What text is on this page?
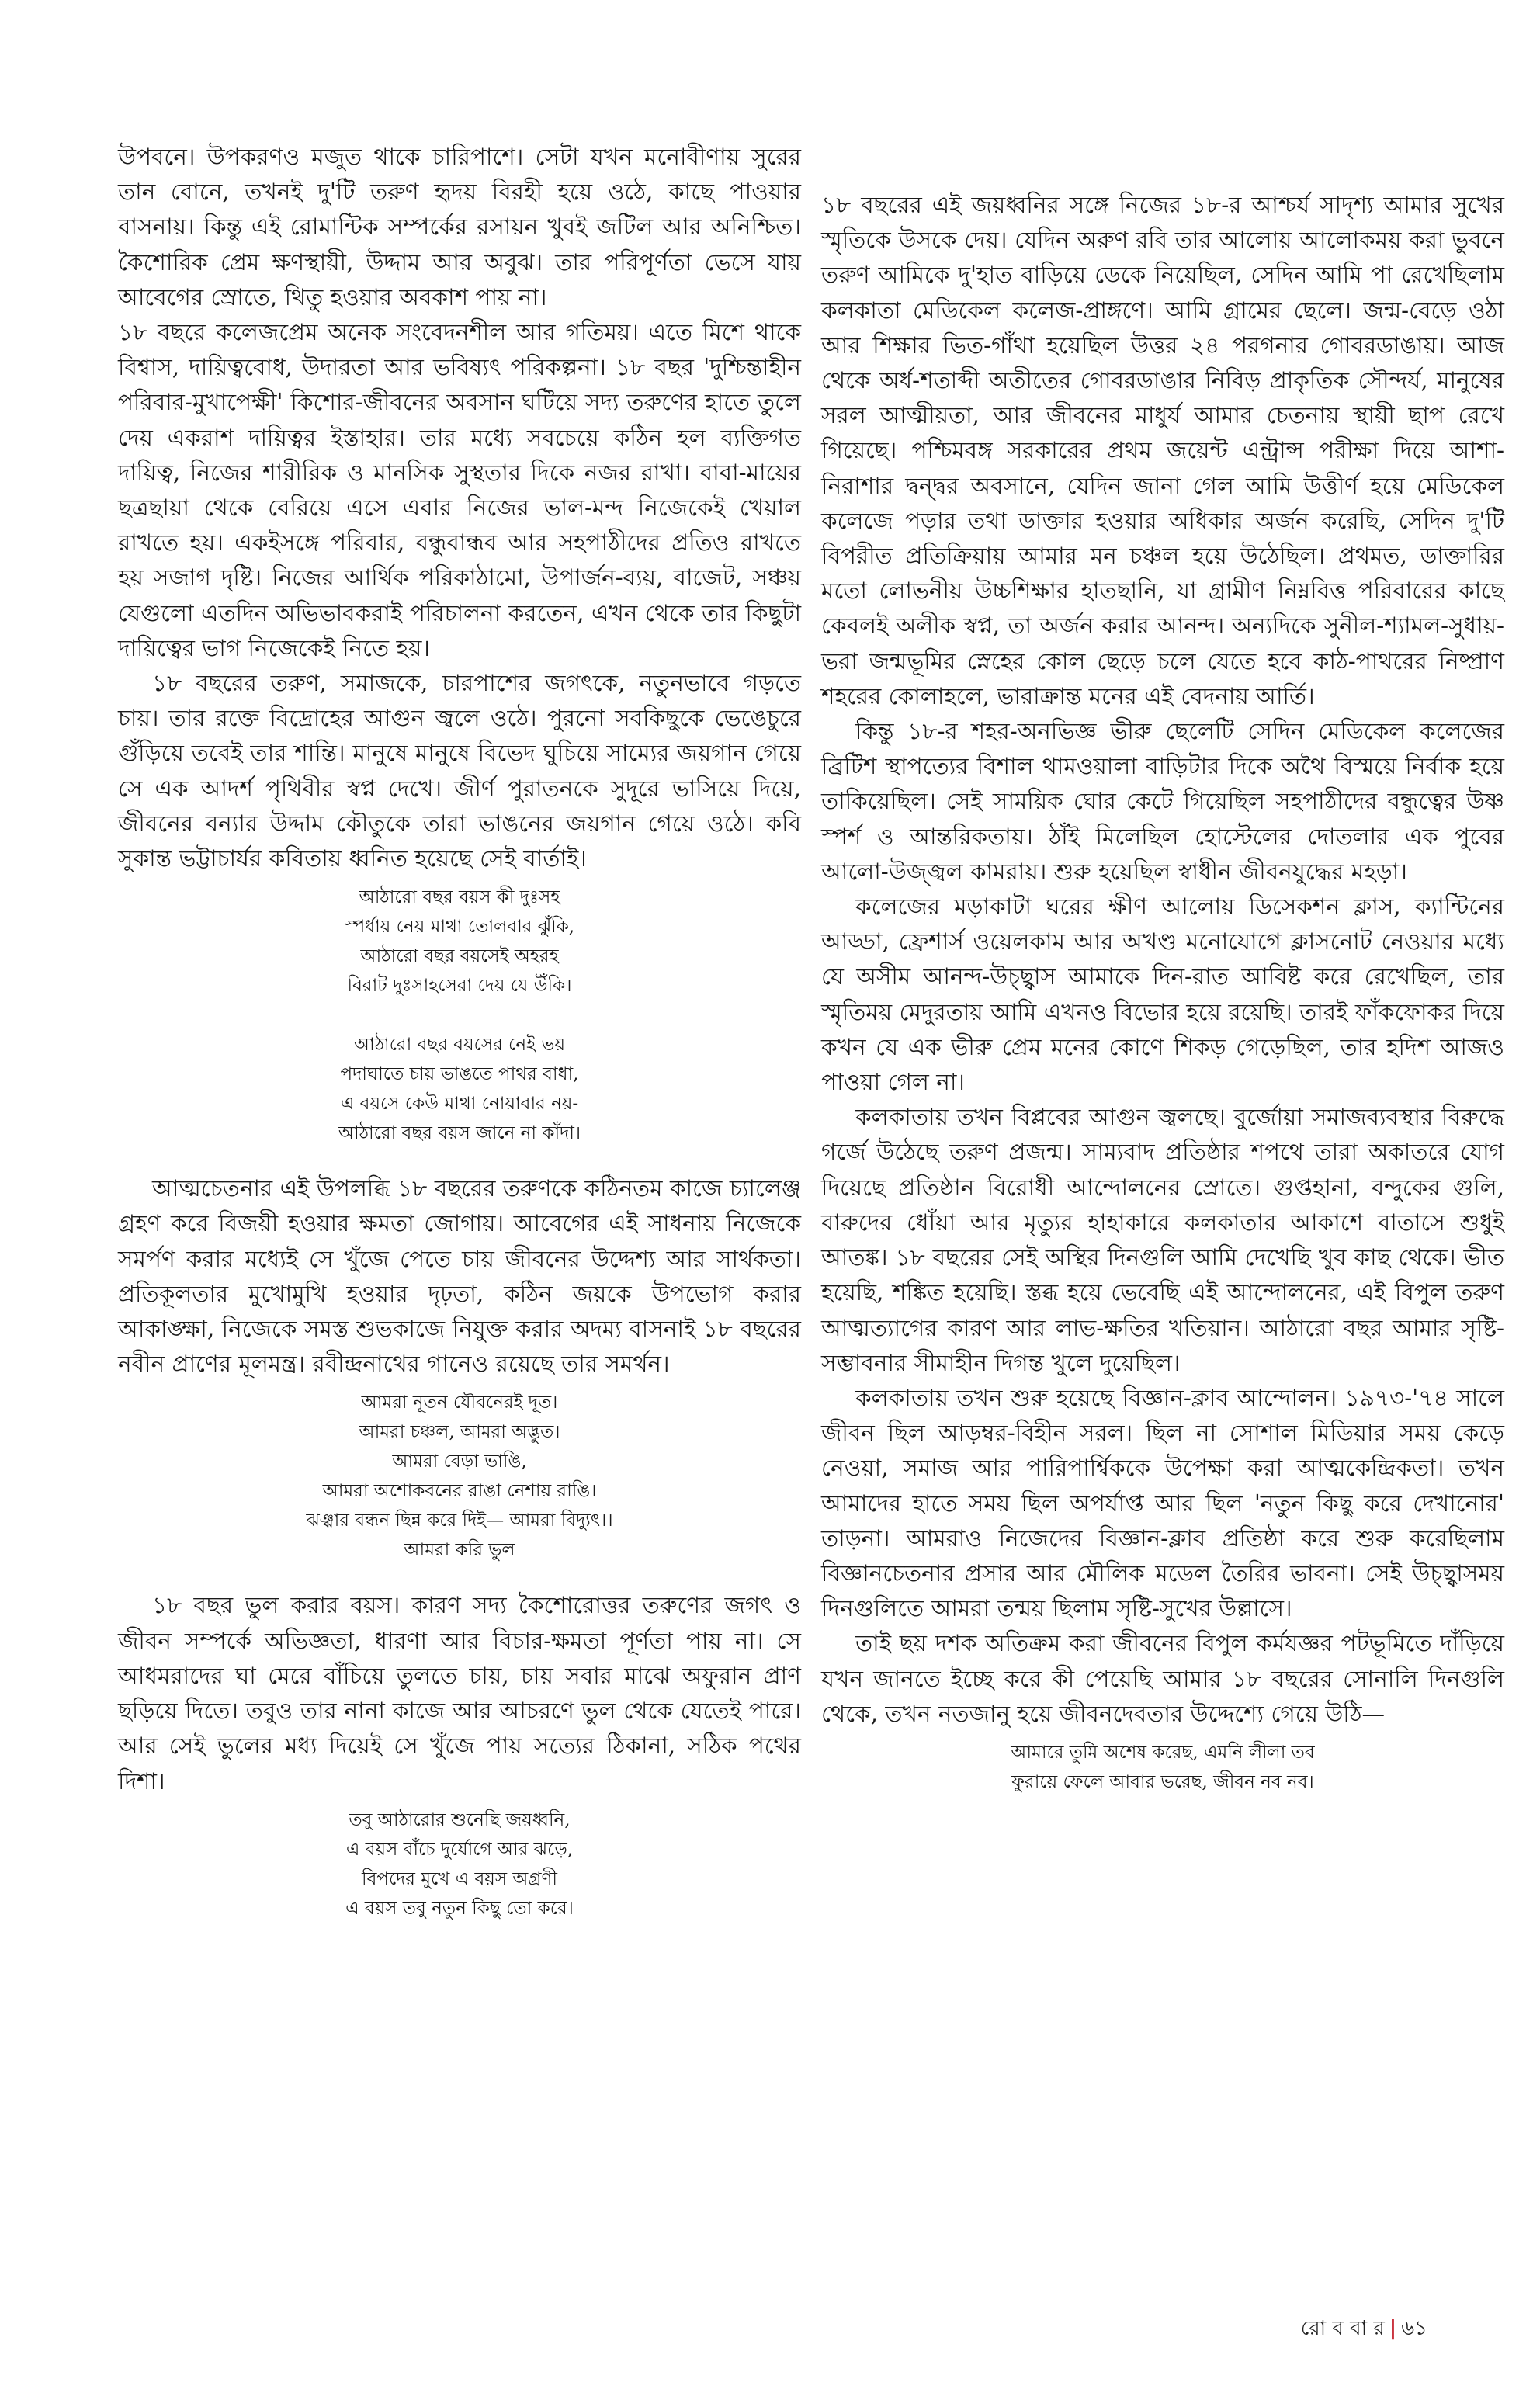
উপবনে। উপকরণও মজুত থাকে চারিপাশে। সেটা যখন মনোবীণায় সুরের তান বোনে, তখনই দু'টি তরুণ হৃদয় বিরহী হয়ে ওঠে, কাছে পাওয়ার বাসনায়। কিন্তু এই রোমান্টিক সম্পর্কের রসায়ন খুবই জটিল আর অনিশ্চিত। কৈশোরিক প্রেম ক্ষণস্থায়ী, উদ্দাম আর অবুঝ। তার পরিপূর্ণতা ভেসে যায় আবেগের স্রোতে, থিতু হওয়ার অবকাশ পায় না।

১৮ বছরে কলেজপ্রেম অনেক সংবেদনশীল আর গতিময়। এতে মিশে থাকে বিশ্বাস, দায়িত্ববোধ, উদারতা আর ভবিষ্যৎ পরিকল্পনা। ১৮ বছর 'দুশ্চিন্তাহীন পরিবার-মুখাপেক্ষী' কিশোর-জীবনের অবসান ঘটিয়ে সদ্য তরুণের হাতে তুলে দেয় একরাশ দায়িত্বর ইস্তাহার। তার মধ্যে সবচেয়ে কঠিন হল ব্যক্তিগত দায়িত্ব, নিজের শারীরিক ও মানসিক সুস্থতার দিকে নজর রাখা। বাবা-মায়ের ছত্রছায়া থেকে বেরিয়ে এসে এবার নিজের ভাল-মন্দ নিজেকেই খেয়াল রাখতে হয়। একইসঙ্গে পরিবার, বন্ধুবান্ধব আর সহপাঠীদের প্রতিও রাখতে হয় সজাগ দৃষ্টি। নিজের আর্থিক পরিকাঠামো, উপার্জন-ব্যয়, বাজেট, সঞ্চয় যেগুলো এতদিন অভিভাবকরাই পরিচালনা করতেন, এখন থেকে তার কিছুটা দায়িত্বের ভাগ নিজেকেই নিতে হয়।

১৮ বছরের তরুণ, সমাজকে, চারপাশের জগৎকে, নতুনভাবে গড়তে চায়। তার রক্তে বিদ্রোহের আগুন জ্বলে ওঠে। পুরনো সবকিছুকে ভেঙেচুরে গুঁড়িয়ে তবেই তার শান্তি। মানুষে মানুষে বিভেদ ঘুচিয়ে সাম্যের জয়গান গেয়ে সে এক আদর্শ পৃথিবীর স্বপ্ন দেখে। জীর্ণ পুরাতনকে সুদূরে ভাসিয়ে দিয়ে, জীবনের বন্যার উদ্দাম কৌতুকে তারা ভাঙনের জয়গান গেয়ে ওঠে। কবি সুকান্ত ভট্টাচার্যর কবিতায় ধ্বনিত হয়েছে সেই বার্তাই।

আঠারো বছর বয়স কী দুঃসহ
স্পর্ধায় নেয় মাথা তোলবার ঝুঁকি,
আঠারো বছর বয়সেই অহরহ
বিরাট দুঃসাহসেরা দেয় যে উঁকি।
আঠারো বছর বয়সের নেই ভয়
পদাঘাতে চায় ভাঙতে পাথর বাধা,
এ বয়সে কেউ মাথা নোয়াবার নয়-
আঠারো বছর বয়স জানে না কাঁদা।

আত্মচেতনার এই উপলব্ধি ১৮ বছরের তরুণকে কঠিনতম কাজে চ্যালেঞ্জ গ্রহণ করে বিজয়ী হওয়ার ক্ষমতা জোগায়। আবেগের এই সাধনায় নিজেকে সমর্পণ করার মধ্যেই সে খুঁজে পেতে চায় জীবনের উদ্দেশ্য আর সার্থকতা। প্রতিকূলতার মুখোমুখি হওয়ার দৃঢ়তা, কঠিন জয়কে উপভোগ করার আকাঙ্ক্ষা, নিজেকে সমস্ত শুভকাজে নিযুক্ত করার অদম্য বাসনাই ১৮ বছরের নবীন প্রাণের মূলমন্ত্র। রবীন্দ্রনাথের গানেও রয়েছে তার সমর্থন।

আমরা নূতন যৌবনেরই দূত।
আমরা চঞ্চল, আমরা অদ্ভুত।
আমরা বেড়া ভাঙি,
আমরা অশোকবনের রাঙা নেশায় রাঙি।
ঝঞ্ঝার বন্ধন ছিন্ন করে দিই— আমরা বিদ্যুৎ।।
আমরা করি ভুল

১৮ বছর ভুল করার বয়স। কারণ সদ্য কৈশোরোত্তর তরুণের জগৎ ও জীবন সম্পর্কে অভিজ্ঞতা, ধারণা আর বিচার-ক্ষমতা পূর্ণতা পায় না। সে আধমরাদের ঘা মেরে বাঁচিয়ে তুলতে চায়, চায় সবার মাঝে অফুরান প্রাণ ছড়িয়ে দিতে। তবুও তার নানা কাজে আর আচরণে ভুল থেকে যেতেই পারে। আর সেই ভুলের মধ্য দিয়েই সে খুঁজে পায় সত্যের ঠিকানা, সঠিক পথের দিশা।

তবু আঠারোর শুনেছি জয়ধ্বনি,
এ বয়স বাঁচে দুর্যোগে আর ঝড়ে,
বিপদের মুখে এ বয়স অগ্রণী
এ বয়স তবু নতুন কিছু তো করে।

১৮ বছরের এই জয়ধ্বনির সঙ্গে নিজের ১৮-র আশ্চর্য সাদৃশ্য আমার সুখের স্মৃতিকে উসকে দেয়। যেদিন অরুণ রবি তার আলোয় আলোকময় করা ভুবনে তরুণ আমিকে দু'হাত বাড়িয়ে ডেকে নিয়েছিল, সেদিন আমি পা রেখেছিলাম কলকাতা মেডিকেল কলেজ-প্রাঙ্গণে। আমি গ্রামের ছেলে। জন্ম-বেড়ে ওঠা আর শিক্ষার ভিত-গাঁথা হয়েছিল উত্তর ২৪ পরগনার গোবরডাঙায়। আজ থেকে অর্ধ-শতাব্দী অতীতের গোবরডাঙার নিবিড় প্রাকৃতিক সৌন্দর্য, মানুষের সরল আত্মীয়তা, আর জীবনের মাধুর্য আমার চেতনায় স্থায়ী ছাপ রেখে গিয়েছে। পশ্চিমবঙ্গ সরকারের প্রথম জয়েন্ট এন্ট্রান্স পরীক্ষা দিয়ে আশা-নিরাশার দ্বন্দ্বর অবসানে, যেদিন জানা গেল আমি উত্তীর্ণ হয়ে মেডিকেল কলেজে পড়ার তথা ডাক্তার হওয়ার অধিকার অর্জন করেছি, সেদিন দু'টি বিপরীত প্রতিক্রিয়ায় আমার মন চঞ্চল হয়ে উঠেছিল। প্রথমত, ডাক্তারির মতো লোভনীয় উচ্চশিক্ষার হাতছানি, যা গ্রামীণ নিম্নবিত্ত পরিবারের কাছে কেবলই অলীক স্বপ্ন, তা অর্জন করার আনন্দ। অন্যদিকে সুনীল-শ্যামল-সুধায়-ভরা জন্মভূমির স্নেহের কোল ছেড়ে চলে যেতে হবে কাঠ-পাথরের নিষ্প্রাণ শহরের কোলাহলে, ভারাক্রান্ত মনের এই বেদনায় আর্তি।

কিন্তু ১৮-র শহর-অনভিজ্ঞ ভীরু ছেলেটি সেদিন মেডিকেল কলেজের ব্রিটিশ স্থাপত্যের বিশাল থামওয়ালা বাড়িটার দিকে অথৈ বিস্ময়ে নির্বাক হয়ে তাকিয়েছিল। সেই সাময়িক ঘোর কেটে গিয়েছিল সহপাঠীদের বন্ধুত্বের উষ্ণ স্পর্শ ও আন্তরিকতায়। ঠাঁই মিলেছিল হোস্টেলের দোতলার এক পুবের আলো-উজ্জ্বল কামরায়। শুরু হয়েছিল স্বাধীন জীবনযুদ্ধের মহড়া।

কলেজের মড়াকাটা ঘরের ক্ষীণ আলোয় ডিসেকশন ক্লাস, ক্যান্টিনের আড্ডা, ফ্রেশার্স ওয়েলকাম আর অখণ্ড মনোযোগে ক্লাসনোট নেওয়ার মধ্যে যে অসীম আনন্দ-উচ্ছ্বাস আমাকে দিন-রাত আবিষ্ট করে রেখেছিল, তার স্মৃতিময় মেদুরতায় আমি এখনও বিভোর হয়ে রয়েছি। তারই ফাঁকফোকর দিয়ে কখন যে এক ভীরু প্রেম মনের কোণে শিকড় গেড়েছিল, তার হদিশ আজও পাওয়া গেল না।

কলকাতায় তখন বিপ্লবের আগুন জ্বলছে। বুর্জোয়া সমাজব্যবস্থার বিরুদ্ধে গর্জে উঠেছে তরুণ প্রজন্ম। সাম্যবাদ প্রতিষ্ঠার শপথে তারা অকাতরে যোগ দিয়েছে প্রতিষ্ঠান বিরোধী আন্দোলনের স্রোতে। গুপ্তহানা, বন্দুকের গুলি, বারুদের ধোঁয়া আর মৃত্যুর হাহাকারে কলকাতার আকাশে বাতাসে শুধুই আতঙ্ক। ১৮ বছরের সেই অস্থির দিনগুলি আমি দেখেছি খুব কাছ থেকে। ভীত হয়েছি, শঙ্কিত হয়েছি। স্তব্ধ হয়ে ভেবেছি এই আন্দোলনের, এই বিপুল তরুণ আত্মত্যাগের কারণ আর লাভ-ক্ষতির খতিয়ান। আঠারো বছর আমার সৃষ্টি-সম্ভাবনার সীমাহীন দিগন্ত খুলে দুয়েছিল।

কলকাতায় তখন শুরু হয়েছে বিজ্ঞান-ক্লাব আন্দোলন। ১৯৭৩-'৭৪ সালে জীবন ছিল আড়ম্বর-বিহীন সরল। ছিল না সোশাল মিডিয়ার সময় কেড়ে নেওয়া, সমাজ আর পারিপার্শ্বিককে উপেক্ষা করা আত্মকেন্দ্রিকতা। তখন আমাদের হাতে সময় ছিল অপর্যাপ্ত আর ছিল 'নতুন কিছু করে দেখানোর' তাড়না। আমরাও নিজেদের বিজ্ঞান-ক্লাব প্রতিষ্ঠা করে শুরু করেছিলাম বিজ্ঞানচেতনার প্রসার আর মৌলিক মডেল তৈরির ভাবনা। সেই উচ্ছ্বাসময় দিনগুলিতে আমরা তন্ময় ছিলাম সৃষ্টি-সুখের উল্লাসে।

তাই ছয় দশক অতিক্রম করা জীবনের বিপুল কর্মযজ্ঞর পটভূমিতে দাঁড়িয়ে যখন জানতে ইচ্ছে করে কী পেয়েছি আমার ১৮ বছরের সোনালি দিনগুলি থেকে, তখন নতজানু হয়ে জীবনদেবতার উদ্দেশ্যে গেয়ে উঠি—

আমারে তুমি অশেষ করেছ, এমনি লীলা তব
ফুরায়ে ফেলে আবার ভরেছ, জীবন নব নব।
রো ব বা র | ৬১
